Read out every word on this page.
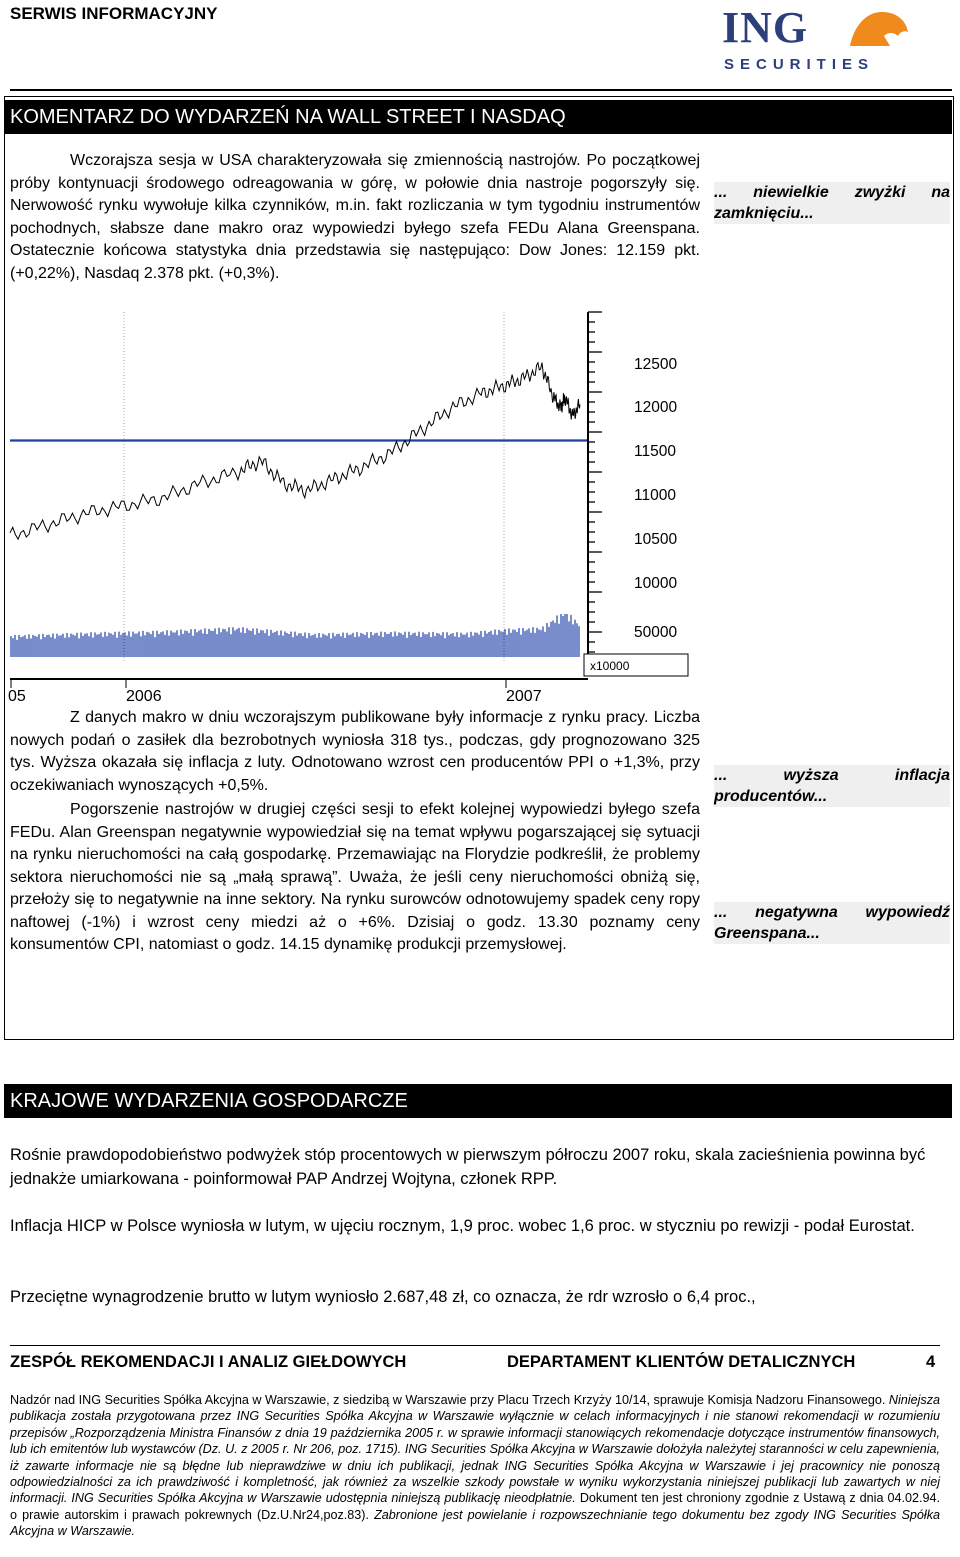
SERWIS INFORMACYJNY	ING
SECURITIES
KOMENTARZ DO WYDARZEŃ NA WALL STREET I NASDAQ
Wczorajsza sesja w USA charakteryzowała się zmiennością nastrojów. Po początkowej próby kontynuacji środowego odreagowania w górę, w połowie dnia nastroje pogorszyły się. Nerwowość rynku wywołuje kilka czynników, m.in. fakt rozliczania w tym tygodniu instrumentów pochodnych, słabsze dane makro oraz wypowiedzi byłego szefa FEDu Alana Greenspana. Ostatecznie końcowa statystyka dnia przedstawia się następująco: Dow Jones: 12.159 pkt. (+0,22%), Nasdaq 2.378 pkt. (+0,3%).
... niewielkie zwyżki na zamknięciu...
12500
12000
11500
11000
10500
10000
50000
x10000
05	2006	2007
Z danych makro w dniu wczorajszym publikowane były informacje z rynku pracy. Liczba nowych podań o zasiłek dla bezrobotnych wyniosła 318 tys., podczas, gdy prognozowano 325 tys. Wyższa okazała się inflacja z luty. Odnotowano wzrost cen producentów PPI o +1,3%, przy oczekiwaniach wynoszących +0,5%.
Pogorszenie nastrojów w drugiej części sesji to efekt kolejnej wypowiedzi byłego szefa FEDu. Alan Greenspan negatywnie wypowiedział się na temat wpływu pogarszającej się sytuacji na rynku nieruchomości na całą gospodarkę. Przemawiając na Florydzie podkreślił, że problemy sektora nieruchomości nie są „małą sprawą”. Uważa, że jeśli ceny nieruchomości obniżą się, przełoży się to negatywnie na inne sektory. Na rynku surowców odnotowujemy spadek ceny ropy naftowej (-1%) i wzrost ceny miedzi aż o +6%. Dzisiaj o godz. 13.30 poznamy ceny konsumentów CPI, natomiast o godz. 14.15 dynamikę produkcji przemysłowej.
... wyższa inflacja producentów...
... negatywna wypowiedź Greenspana...
KRAJOWE WYDARZENIA GOSPODARCZE
Rośnie prawdopodobieństwo podwyżek stóp procentowych w pierwszym półroczu 2007 roku, skala zacieśnienia powinna być jednakże umiarkowana - poinformował PAP Andrzej Wojtyna, członek RPP.
Inflacja HICP w Polsce wyniosła w lutym, w ujęciu rocznym, 1,9 proc. wobec 1,6 proc. w styczniu po rewizji - podał Eurostat.
Przeciętne wynagrodzenie brutto w lutym wyniosło 2.687,48 zł, co oznacza, że rdr wzrosło o 6,4 proc.,
ZESPÓŁ REKOMENDACJI I ANALIZ GIEŁDOWYCH	DEPARTAMENT KLIENTÓW DETALICZNYCH	4
Nadzór nad ING Securities Spółka Akcyjna w Warszawie, z siedzibą w Warszawie przy Placu Trzech Krzyży 10/14, sprawuje Komisja Nadzoru Finansowego. Niniejsza publikacja została przygotowana przez ING Securities Spółka Akcyjna w Warszawie wyłącznie w celach informacyjnych i nie stanowi rekomendacji w rozumieniu przepisów „Rozporządzenia Ministra Finansów z dnia 19 października 2005 r. w sprawie informacji stanowiących rekomendacje dotyczące instrumentów finansowych, lub ich emitentów lub wystawców (Dz. U. z 2005 r. Nr 206, poz. 1715). ING Securities Spółka Akcyjna w Warszawie dołożyła należytej staranności w celu zapewnienia, iż zawarte informacje nie są błędne lub nieprawdziwe w dniu ich publikacji, jednak ING Securities Spółka Akcyjna w Warszawie i jej pracownicy nie ponoszą odpowiedzialności za ich prawdziwość i kompletność, jak również za wszelkie szkody powstałe w wyniku wykorzystania niniejszej publikacji lub zawartych w niej informacji. ING Securities Spółka Akcyjna w Warszawie udostępnia niniejszą publikację nieodpłatnie. Dokument ten jest chroniony zgodnie z Ustawą z dnia 04.02.94. o prawie autorskim i prawach pokrewnych (Dz.U.Nr24,poz.83). Zabronione jest powielanie i rozpowszechnianie tego dokumentu bez zgody ING Securities Spółka Akcyjna w Warszawie.
